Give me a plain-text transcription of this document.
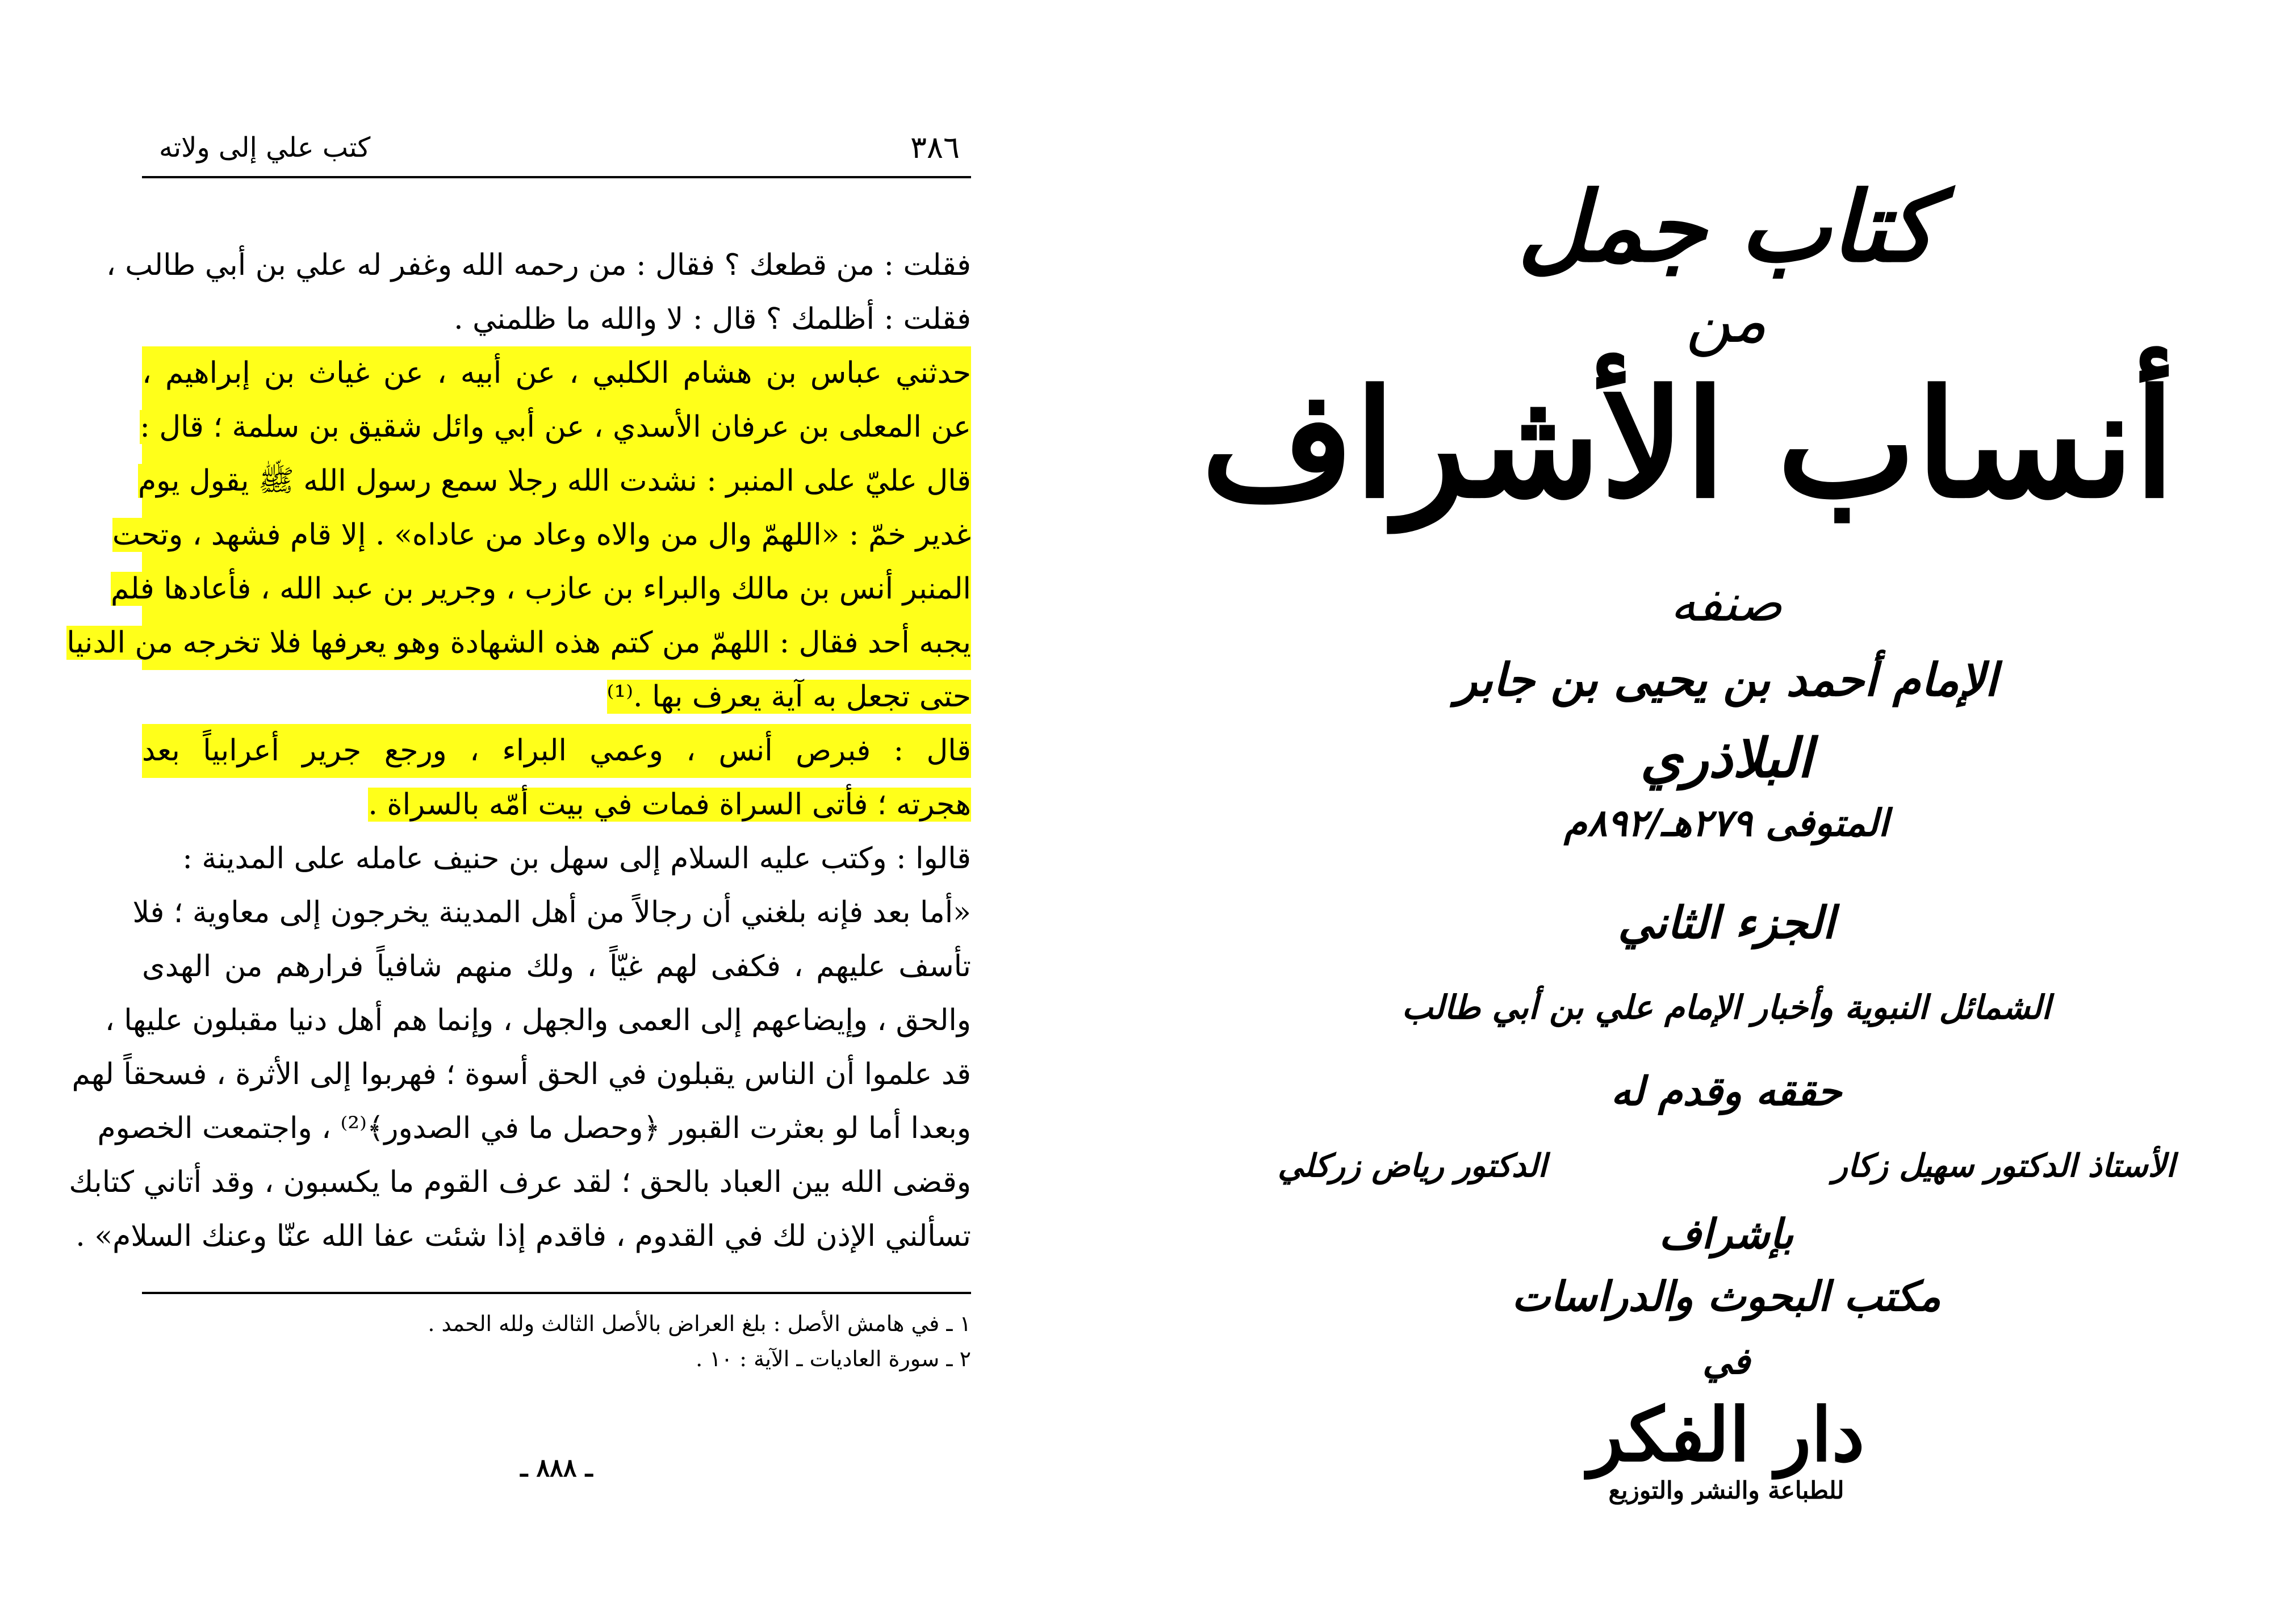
٣٨٦
كتب علي إلى ولاته
فقلت : من قطعك ؟ فقال : من رحمه الله وغفر له علي بن أبي طالب ،
فقلت : أظلمك ؟ قال : لا والله ما ظلمني .
حدثني عباس بن هشام الكلبي ، عن أبيه ، عن غياث بن إبراهيم ،
عن المعلى بن عرفان الأسدي ، عن أبي وائل شقيق بن سلمة ؛ قال :
قال عليّ على المنبر : نشدت الله رجلا سمع رسول الله ﷺ يقول يوم
غدير خمّ : «اللهمّ وال من والاه وعاد من عاداه» . إلا قام فشهد ، وتحت
المنبر أنس بن مالك والبراء بن عازب ، وجرير بن عبد الله ، فأعادها فلم
يجبه أحد فقال : اللهمّ من كتم هذه الشهادة وهو يعرفها فلا تخرجه من الدنيا
حتى تجعل به آية يعرف بها .⁽¹⁾
قال : فبرص أنس ، وعمي البراء ، ورجع جرير أعرابياً بعد
هجرته ؛ فأتى السراة فمات في بيت أمّه بالسراة .
قالوا : وكتب عليه السلام إلى سهل بن حنيف عامله على المدينة :
«أما بعد فإنه بلغني أن رجالاً من أهل المدينة يخرجون إلى معاوية ؛ فلا
تأسف عليهم ، فكفى لهم غيّاً ، ولك منهم شافياً فرارهم من الهدى
والحق ، وإيضاعهم إلى العمى والجهل ، وإنما هم أهل دنيا مقبلون عليها ،
قد علموا أن الناس يقبلون في الحق أسوة ؛ فهربوا إلى الأثرة ، فسحقاً لهم
وبعدا أما لو بعثرت القبور ﴿وحصل ما في الصدور﴾⁽²⁾ ، واجتمعت الخصوم
وقضى الله بين العباد بالحق ؛ لقد عرف القوم ما يكسبون ، وقد أتاني كتابك
تسألني الإذن لك في القدوم ، فاقدم إذا شئت عفا الله عنّا وعنك السلام» .
١ ـ في هامش الأصل : بلغ العراض بالأصل الثالث ولله الحمد .
٢ ـ سورة العاديات ـ الآية : ١٠ .
ـ ٨٨٨ ـ
كتاب جمل
من
أنساب الأشراف
صنفه
الإمام أحمد بن يحيى بن جابر
البلاذري
المتوفى ٢٧٩هـ/٨٩٢م
الجزء الثاني
الشمائل النبوية وأخبار الإمام علي بن أبي طالب
حققه وقدم له
الأستاذ الدكتور سهيل زكار
الدكتور رياض زركلي
بإشراف
مكتب البحوث والدراسات
في
دار الفكر
للطباعة والنشر والتوزيع
